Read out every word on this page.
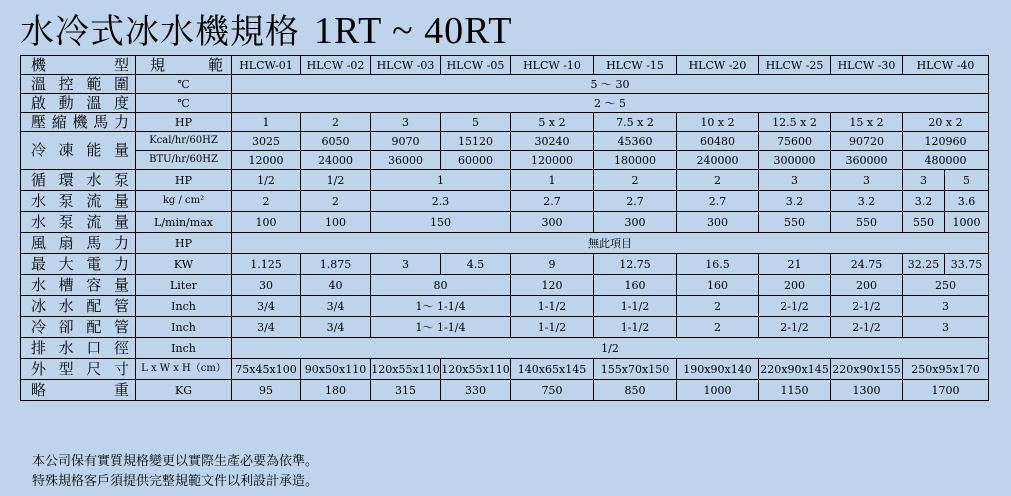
水冷式冰水機規格 1RT ~ 40RT
機　　型	規　範	HLCW-01	HLCW -02	HLCW -03	HLCW -05	HLCW -10	HLCW -15	HLCW -20	HLCW -25	HLCW -30	HLCW -40	
溫控範圍	℃	5 ～ 30										
啟動溫度	℃	2 ～ 5										
壓縮機馬力	HP	1	2	3	5	5 x 2	7.5 x 2	10 x 2	12.5 x 2	15 x 2	20 x 2	
冷凍能量	Kcal/hr/60HZ	3025	6050	9070	15120	30240	45360	60480	75600	90720	120960	
	BTU/hr/60HZ	12000	24000	36000	60000	120000	180000	240000	300000	360000	480000	
循環水泵	HP	1/2	1/2	1		1	2	2	3	3	3	5
水泵流量	kg / cm²	2	2	2.3		2.7	2.7	2.7	3.2	3.2	3.2	3.6
水泵流量	L/min/max	100	100	150		300	300	300	550	550	550	1000
風扇馬力	HP	無此項目										
最大電力	KW	1.125	1.875	3	4.5	9	12.75	16.5	21	24.75	32.25	33.75
水槽容量	Liter	30	40	80		120	160	160	200	200	250	
冰水配管	Inch	3/4	3/4	1～ 1-1/4		1-1/2	1-1/2	2	2-1/2	2-1/2	3	
冷卻配管	Inch	3/4	3/4	1～ 1-1/4		1-1/2	1-1/2	2	2-1/2	2-1/2	3	
排水口徑	Inch	1/2										
外型尺寸	L x W x H（cm）	75x45x100	90x50x110	120x55x110	120x55x110	140x65x145	155x70x150	190x90x140	220x90x145	220x90x155	250x95x170	
略　　重	KG	95	180	315	330	750	850	1000	1150	1300	1700	
本公司保有實質規格變更以實際生產必要為依準。
特殊規格客戶須提供完整規範文件以利設計承造。
